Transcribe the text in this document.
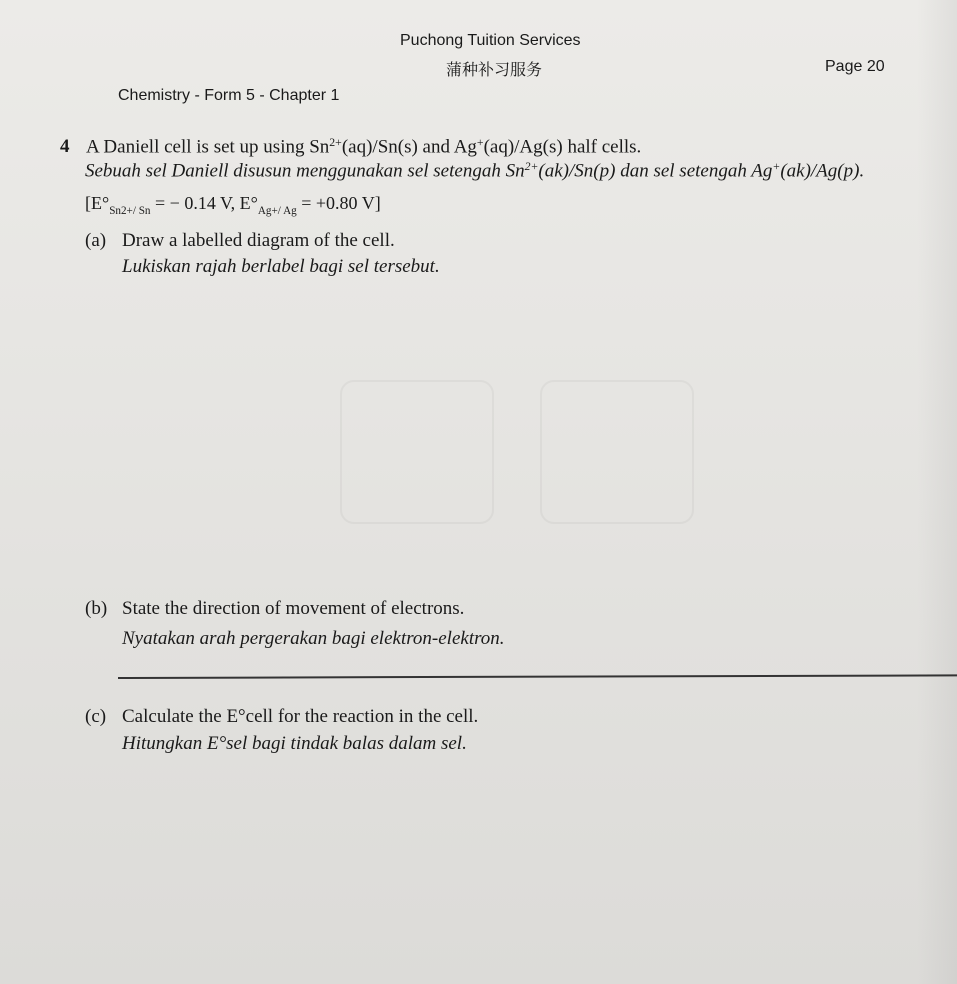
Puchong Tuition Services
蒲种补习服务	Page 20
Chemistry - Form 5 - Chapter 1
4 A Daniell cell is set up using $Sn^{2+}(aq)/Sn(s)$ and Ag+(aq)/Ag(s) half cells.
Sebuah sel Daniell disusun menggunakan sel setengah $Sn^{2+}(ak)/Sn(p)$ dan sel setengah Ag+(ak)/Ag(p).
[$E^\circ_{Sn2+/ Sn}$ = − 0.14 V, $E^\circ_{Ag+/ Ag} = +0.80$ V]
(a) Draw a labelled diagram of the cell.
Lukiskan rajah berlabel bagi sel tersebut.
(b) State the direction of movement of electrons.
Nyatakan arah pergerakan bagi elektron-elektron.
(c) Calculate the E°cell for the reaction in the cell.
Hitungkan E°sel bagi tindak balas dalam sel.
